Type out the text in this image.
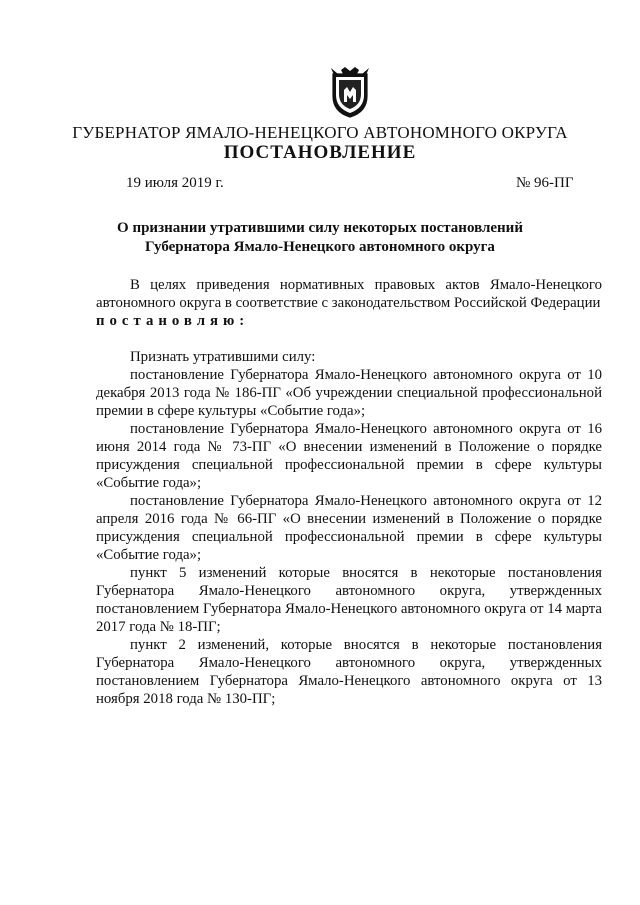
ГУБЕРНАТОР ЯМАЛО-НЕНЕЦКОГО АВТОНОМНОГО ОКРУГА
ПОСТАНОВЛЕНИЕ
19 июля 2019 г.	№ 96-ПГ
О признании утратившими силу некоторых постановлений
Губернатора Ямало-Ненецкого автономного округа

В целях приведения нормативных правовых актов Ямало-Ненецкого автономного округа в соответствие с законодательством Российской Федерации

постановляю:

Признать утратившими силу:

постановление Губернатора Ямало-Ненецкого автономного округа от 10 декабря 2013 года № 186-ПГ «Об учреждении специальной профессиональной премии в сфере культуры «Событие года»;

постановление Губернатора Ямало-Ненецкого автономного округа от 16 июня 2014 года № 73-ПГ «О внесении изменений в Положение о порядке присуждения специальной профессиональной премии в сфере культуры «Событие года»;

постановление Губернатора Ямало-Ненецкого автономного округа от 12 апреля 2016 года № 66-ПГ «О внесении изменений в Положение о порядке присуждения специальной профессиональной премии в сфере культуры «Событие года»;

пункт 5 изменений которые вносятся в некоторые постановления Губернатора Ямало-Ненецкого автономного округа, утвержденных постановлением Губернатора Ямало-Ненецкого автономного округа от 14 марта 2017 года № 18-ПГ;

пункт 2 изменений, которые вносятся в некоторые постановления Губернатора Ямало-Ненецкого автономного округа, утвержденных постановлением Губернатора Ямало-Ненецкого автономного округа от 13 ноября 2018 года № 130-ПГ;
